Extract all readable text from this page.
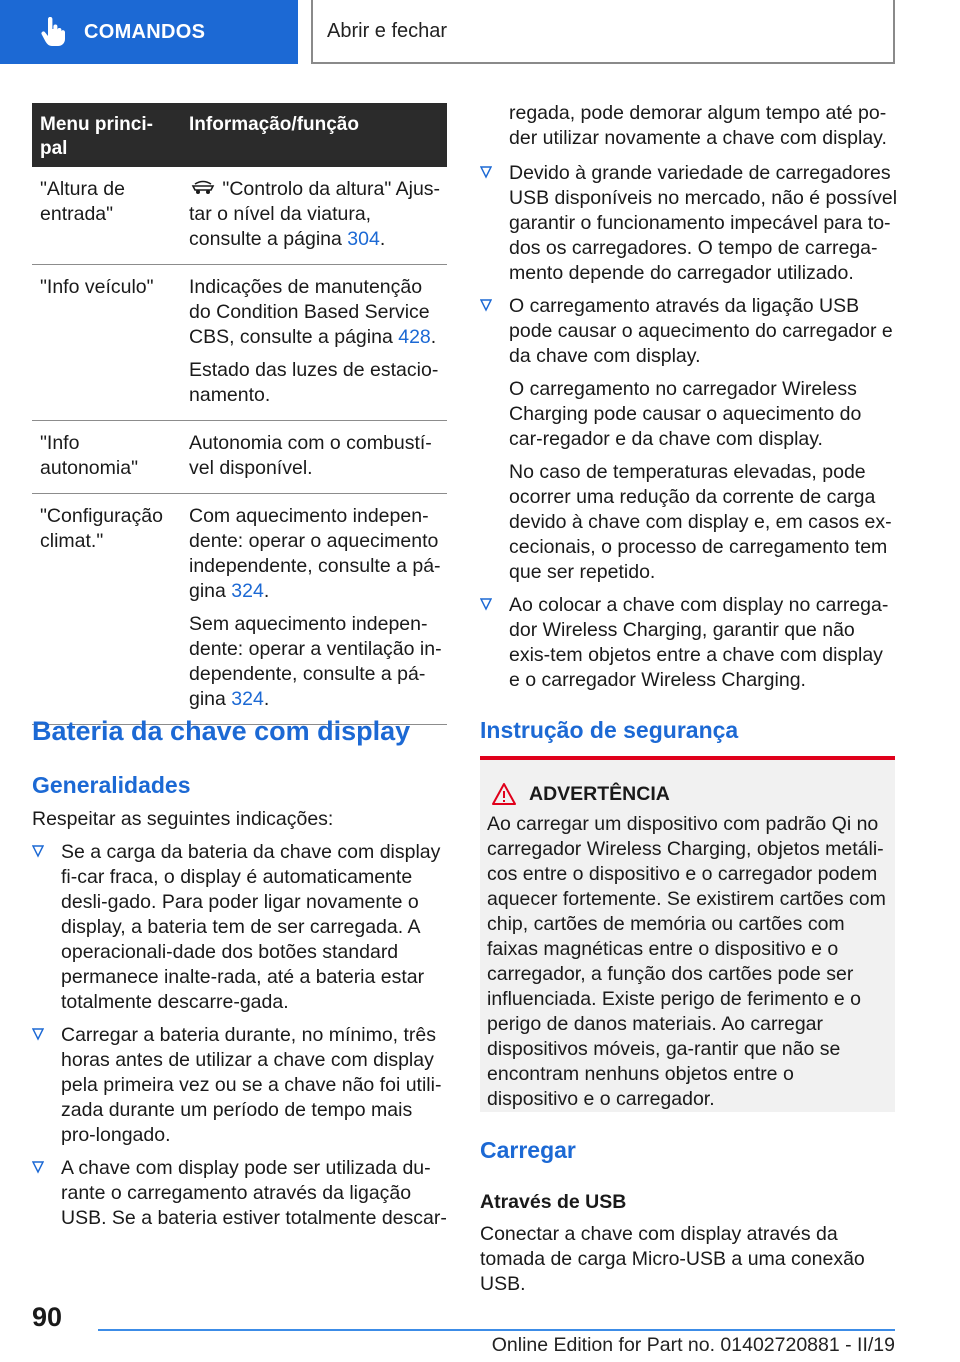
COMANDOS	Abrir e fechar
Menu princi-
pal
Informação/função
"Altura de entrada"

"Controlo da altura" Ajus-tar o nível da viatura, consulte a página 304.

"Info veículo"	Indicações de manutenção do Condition Based Service CBS, consulte a página 428.

Estado das luzes de estacio-namento.

"Info autonomia"

Autonomia com o combustí-vel disponível.

"Configuração climat."

Com aquecimento indepen-dente: operar o aquecimento independente, consulte a pá-gina 324.

Sem aquecimento indepen-dente: operar a ventilação in-dependente, consulte a pá-gina 324.

Bateria da chave com display
Generalidades
Respeitar as seguintes indicações:

Se a carga da bateria da chave com display fi-car fraca, o display é automaticamente desli-gado. Para poder ligar novamente o display, a bateria tem de ser carregada. A operacionali-dade dos botões standard permanece inalte-rada, até a bateria estar totalmente descarre-gada.

Carregar a bateria durante, no mínimo, três horas antes de utilizar a chave com display pela primeira vez ou se a chave não foi utili-zada durante um período de tempo mais pro-longado.

A chave com display pode ser utilizada du-rante o carregamento através da ligação USB. Se a bateria estiver totalmente descar-

regada, pode demorar algum tempo até po-der utilizar novamente a chave com display.

Devido à grande variedade de carregadores USB disponíveis no mercado, não é possível garantir o funcionamento impecável para to-dos os carregadores. O tempo de carrega-mento depende do carregador utilizado.

O carregamento através da ligação USB pode causar o aquecimento do carregador e da chave com display.

O carregamento no carregador Wireless Charging pode causar o aquecimento do car-regador e da chave com display.

No caso de temperaturas elevadas, pode ocorrer uma redução da corrente de carga devido à chave com display e, em casos ex-cecionais, o processo de carregamento tem que ser repetido.

Ao colocar a chave com display no carrega-dor Wireless Charging, garantir que não exis-tem objetos entre a chave com display e o carregador Wireless Charging.

Instrução de segurança
ADVERTÊNCIA

Ao carregar um dispositivo com padrão Qi no carregador Wireless Charging, objetos metáli-cos entre o dispositivo e o carregador podem aquecer fortemente. Se existirem cartões com chip, cartões de memória ou cartões com faixas magnéticas entre o dispositivo e o carregador, a função dos cartões pode ser influenciada. Existe perigo de ferimento e o perigo de danos materiais. Ao carregar dispositivos móveis, ga-rantir que não se encontram nenhuns objetos entre o dispositivo e o carregador.

Carregar
Através de USB
Conectar a chave com display através da tomada de carga Micro-USB a uma conexão USB.
90
Online Edition for Part no. 01402720881 - II/19
